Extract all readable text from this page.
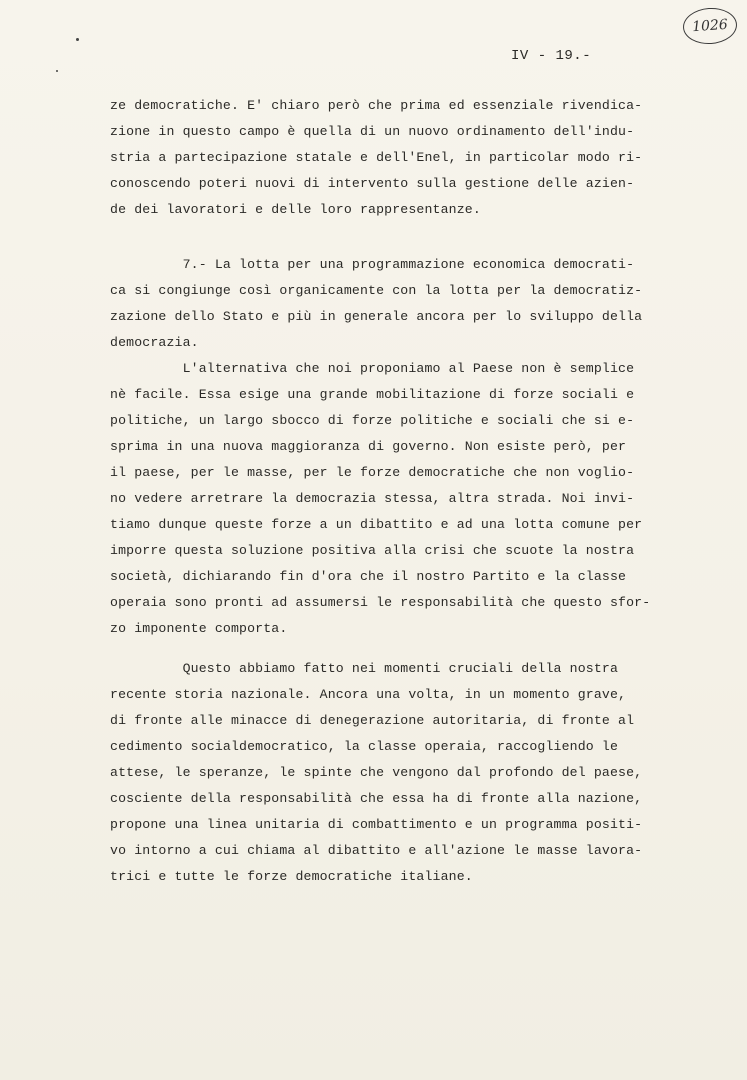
1026
IV - 19.-
ze democratiche. E' chiaro però che prima ed essenziale rivendica-
zione in questo campo è quella di un nuovo ordinamento dell'indu-
stria a partecipazione statale e dell'Enel, in particolar modo ri-
conoscendo poteri nuovi di intervento sulla gestione delle azien-
de dei lavoratori e delle loro rappresentanze.
7.- La lotta per una programmazione economica democrati-
ca si congiunge così organicamente con la lotta per la democratiz-
zazione dello Stato e più in generale ancora per lo sviluppo della
democrazia.
L'alternativa che noi proponiamo al Paese non è semplice
nè facile. Essa esige una grande mobilitazione di forze sociali e
politiche, un largo sbocco di forze politiche e sociali che si e-
sprima in una nuova maggioranza di governo. Non esiste però, per
il paese, per le masse, per le forze democratiche che non voglio-
no vedere arretrare la democrazia stessa, altra strada. Noi invi-
tiamo dunque queste forze a un dibattito e ad una lotta comune per
imporre questa soluzione positiva alla crisi che scuote la nostra
società, dichiarando fin d'ora che il nostro Partito e la classe
operaia sono pronti ad assumersi le responsabilità che questo sfor-
zo imponente comporta.
Questo abbiamo fatto nei momenti cruciali della nostra
recente storia nazionale. Ancora una volta, in un momento grave,
di fronte alle minacce di denegerazione autoritaria, di fronte al
cedimento socialdemocratico, la classe operaia, raccogliendo le
attese, le speranze, le spinte che vengono dal profondo del paese,
cosciente della responsabilità che essa ha di fronte alla nazione,
propone una linea unitaria di combattimento e un programma positi-
vo intorno a cui chiama al dibattito e all'azione le masse lavora-
trici e tutte le forze democratiche italiane.
